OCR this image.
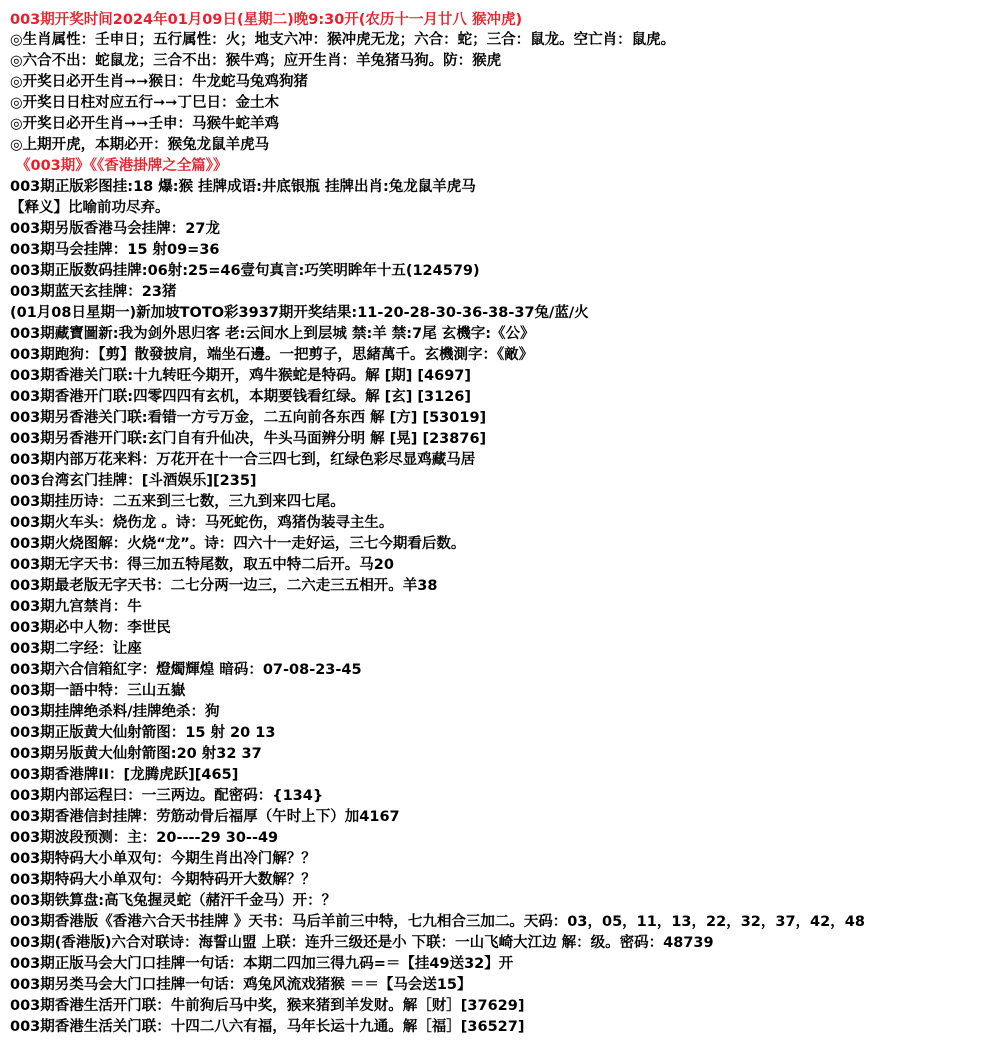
003期开奖时间2024年01月09日(星期二)晚9:30开(农历十一月廿八 猴冲虎)
◎生肖属性：壬申日；五行属性：火；地支六冲：猴冲虎无龙；六合：蛇；三合：鼠龙。空亡肖：鼠虎。
◎六合不出：蛇鼠龙；三合不出：猴牛鸡；应开生肖：羊兔猪马狗。防：猴虎
◎开奖日必开生肖➞➞猴日：牛龙蛇马兔鸡狗猪
◎开奖日日柱对应五行➞➞丁巳日：金土木
◎开奖日必开生肖➞➞壬申：马猴牛蛇羊鸡
◎上期开虎，本期必开：猴兔龙鼠羊虎马
《003期》《《香港掛牌之全篇》》
003期正版彩图挂:18 爆:猴 挂牌成语:井底银瓶 挂牌出肖:兔龙鼠羊虎马
【释义】比喻前功尽弃。
003期另版香港马会挂牌：27龙
003期马会挂牌：15 射09=36
003期正版数码挂牌:06射:25=46壹句真言:巧笑明眸年十五(124579)
003期蓝天玄挂牌：23猪
(01月08日星期一)新加坡TOTO彩3937期开奖结果:11-20-28-30-36-38-37兔/蓝/火
003期藏寶圖新:我为剑外思归客 老:云间水上到层城 禁:羊 禁:7尾 玄機字:《公》
003期跑狗：【剪】散發披肩，端坐石邊。一把剪子，思緒萬千。玄機測字：《敵》
003期香港关门联:十九转旺今期开，鸡牛猴蛇是特码。解 [期] [4697]
003期香港开门联:四零四四有玄机，本期要钱看红绿。解 [玄] [3126]
003期另香港关门联:看错一方亏万金，二五向前各东西 解 [方] [53019]
003期另香港开门联:玄门自有升仙决，牛头马面辨分明 解 [晃] [23876]
003期内部万花来料：万花开在十一合三四七到，红绿色彩尽显鸡藏马居
003台湾玄门挂牌：[斗酒娱乐][235]
003期挂历诗：二五来到三七数，三九到来四七尾。
003期火车头：烧伤龙 。诗：马死蛇伤，鸡猪伪装寻主生。
003期火烧图解：火烧“龙”。诗：四六十一走好运，三七今期看后数。
003期无字天书：得三加五特尾数，取五中特二后开。马20
003期最老版无字天书：二七分两一边三，二六走三五相开。羊38
003期九宫禁肖：牛
003期必中人物：李世民
003期二字经：让座
003期六合信箱紅字：燈燭輝煌 暗码：07-08-23-45
003期一語中特：三山五嶽
003期挂牌绝杀料/挂牌绝杀：狗
003期正版黄大仙射箭图：15 射 20 13
003期另版黄大仙射箭图:20 射32 37
003期香港牌II：[龙腾虎跃][465]
003期内部运程曰：一三两边。配密码：{134}
003期香港信封挂牌：劳筋动骨后福厚（午时上下）加4167
003期波段预测：主：20----29 30--49
003期特码大小单双句：今期生肖出冷门解？？
003期特码大小单双句：今期特码开大数解？？
003期铁算盘:高飞兔握灵蛇（赭汗千金马）开：？
003期香港版《香港六合天书挂牌 》天书：马后羊前三中特，七九相合三加二。天码：03，05，11，13，22，32，37，42，48
003期(香港版)六合对联诗：海誓山盟 上联：连升三级还是小 下联：一山飞崎大江边 解：级。密码：48739
003期正版马会大门口挂牌一句话：本期二四加三得九码=＝【挂49送32】开
003期另类马会大门口挂牌一句话：鸡兔风流戏猪猴 ＝＝【马会送15】
003期香港生活开门联：牛前狗后马中奖，猴来猪到羊发财。解［财］[37629]
003期香港生活关门联：十四二八六有福，马年长运十九通。解［福］[36527]
